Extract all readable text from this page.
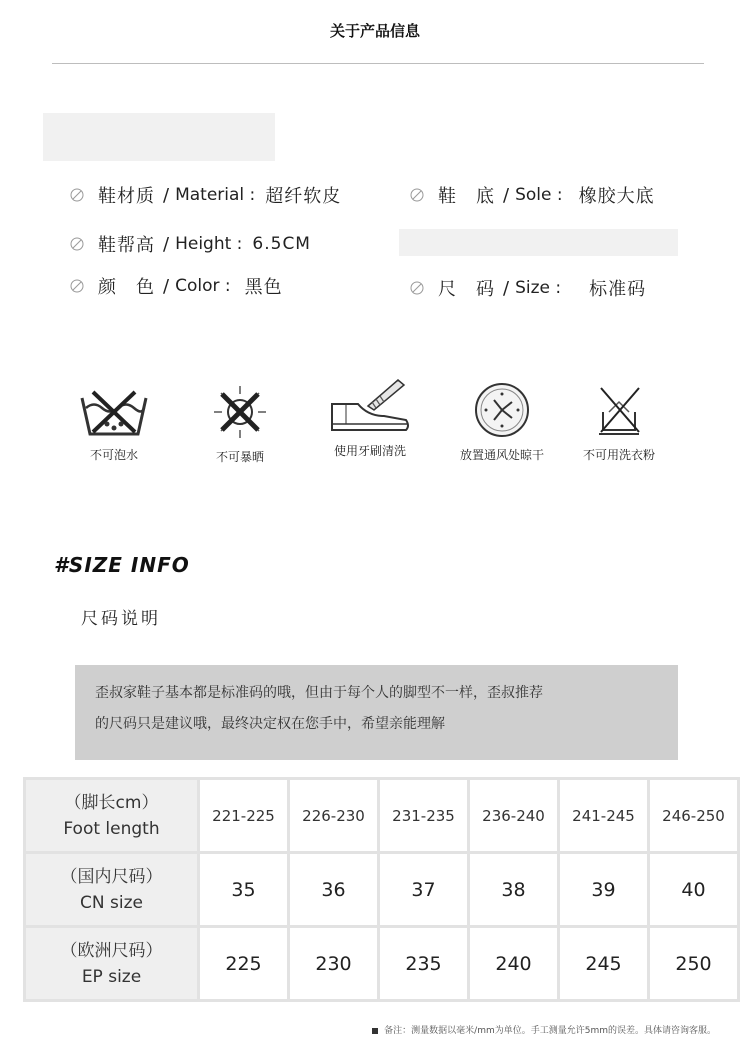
关于产品信息
鞋材质 / Material : 超纤软皮	鞋　底 / Sole : 橡胶大底
鞋帮高 / Height : 6.5CM
颜　色 / Color : 黑色	尺　码 / Size : 标准码
不可泡水	不可暴晒	使用牙刷清洗	放置通风处晾干	不可用洗衣粉
#SIZE INFO
尺码说明
歪叔家鞋子基本都是标准码的哦，但由于每个人的脚型不一样，歪叔推荐
的尺码只是建议哦，最终决定权在您手中，希望亲能理解
（脚长cm）
Foot length	221-225	226-230	231-235	236-240	241-245	246-250

（国内尺码）
CN size	35	36	37	38	39	40

（欧洲尺码）
EP size	225	230	235	240	245	250
备注：测量数据以毫米/mm为单位。手工测量允许5mm的误差。具体请咨询客服。
